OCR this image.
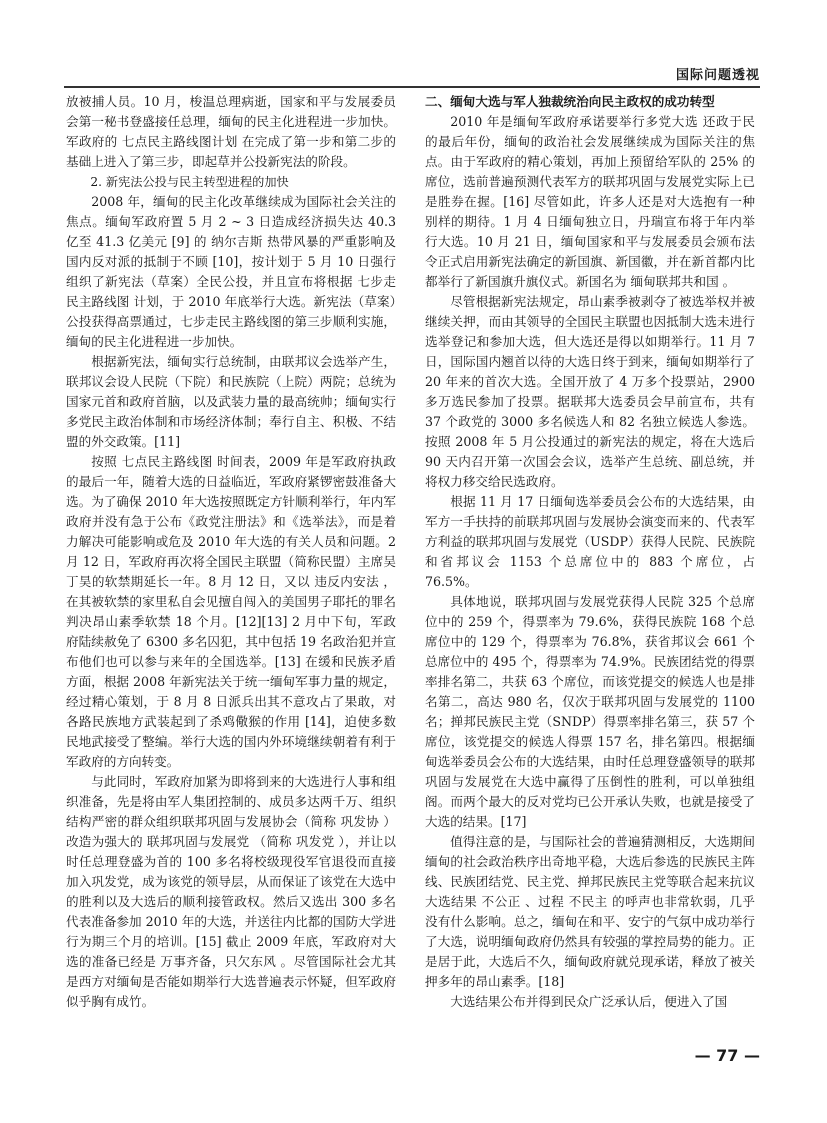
国际问题透视

放被捕人员。10 月，梭温总理病逝，国家和平与发展委员会第一秘书登盛接任总理，缅甸的民主化进程进一步加快。军政府的 七点民主路线图计划 在完成了第一步和第二步的基础上进入了第三步，即起草并公投新宪法的阶段。

2. 新宪法公投与民主转型进程的加快

2008 年，缅甸的民主化改革继续成为国际社会关注的焦点。缅甸军政府置 5 月 2 ~ 3 日造成经济损失达 40.3 亿至 41.3 亿美元 [9] 的 纳尔吉斯 热带风暴的严重影响及国内反对派的抵制于不顾 [10]，按计划于 5 月 10 日强行组织了新宪法（草案）全民公投，并且宣布将根据 七步走民主路线图 计划，于 2010 年底举行大选。新宪法（草案）公投获得高票通过，七步走民主路线图的第三步顺利实施，缅甸的民主化进程进一步加快。

根据新宪法，缅甸实行总统制，由联邦议会选举产生，联邦议会设人民院（下院）和民族院（上院）两院；总统为国家元首和政府首脑，以及武装力量的最高统帅；缅甸实行多党民主政治体制和市场经济体制；奉行自主、积极、不结盟的外交政策。[11]

按照 七点民主路线图 时间表，2009 年是军政府执政的最后一年，随着大选的日益临近，军政府紧锣密鼓准备大选。为了确保 2010 年大选按照既定方针顺利举行，年内军政府并没有急于公布《政党注册法》和《选举法》，而是着力解决可能影响或危及 2010 年大选的有关人员和问题。2 月 12 日，军政府再次将全国民主联盟（简称民盟）主席吴丁昊的软禁期延长一年。8 月 12 日，又以 违反内安法 ，在其被软禁的家里私自会见擅自闯入的美国男子耶托的罪名判决昂山素季软禁 18 个月。[12][13] 2 月中下旬，军政府陆续赦免了 6300 多名囚犯，其中包括 19 名政治犯并宣布他们也可以参与来年的全国选举。[13] 在缓和民族矛盾方面，根据 2008 年新宪法关于统一缅甸军事力量的规定，经过精心策划，于 8 月 8 日派兵出其不意攻占了果敢，对各路民族地方武装起到了杀鸡儆猴的作用 [14]，迫使多数民地武接受了整编。举行大选的国内外环境继续朝着有利于军政府的方向转变。

与此同时，军政府加紧为即将到来的大选进行人事和组织准备，先是将由军人集团控制的、成员多达两千万、组织结构严密的群众组织联邦巩固与发展协会（简称 巩发协 ）改造为强大的 联邦巩固与发展党 （简称 巩发党 ），并让以时任总理登盛为首的 100 多名将校级现役军官退役而直接加入巩发党，成为该党的领导层，从而保证了该党在大选中的胜利以及大选后的顺利接管政权。然后又选出 300 多名代表准备参加 2010 年的大选，并送往内比都的国防大学进行为期三个月的培训。[15] 截止 2009 年底，军政府对大选的准备已经是 万事齐备，只欠东风 。尽管国际社会尤其是西方对缅甸是否能如期举行大选普遍表示怀疑，但军政府似乎胸有成竹。

二、缅甸大选与军人独裁统治向民主政权的成功转型

2010 年是缅甸军政府承诺要举行多党大选 还政于民 的最后年份，缅甸的政治社会发展继续成为国际关注的焦点。由于军政府的精心策划，再加上预留给军队的 25% 的席位，选前普遍预测代表军方的联邦巩固与发展党实际上已是胜券在握。[16] 尽管如此，许多人还是对大选抱有一种别样的期待。1 月 4 日缅甸独立日，丹瑞宣布将于年内举行大选。10 月 21 日，缅甸国家和平与发展委员会颁布法令正式启用新宪法确定的新国旗、新国徽，并在新首都内比都举行了新国旗升旗仪式。新国名为 缅甸联邦共和国 。

尽管根据新宪法规定，昂山素季被剥夺了被选举权并被继续关押，而由其领导的全国民主联盟也因抵制大选未进行选举登记和参加大选，但大选还是得以如期举行。11 月 7 日，国际国内翘首以待的大选日终于到来，缅甸如期举行了 20 年来的首次大选。全国开放了 4 万多个投票站，2900 多万选民参加了投票。据联邦大选委员会早前宣布，共有 37 个政党的 3000 多名候选人和 82 名独立候选人参选。按照 2008 年 5 月公投通过的新宪法的规定，将在大选后 90 天内召开第一次国会会议，选举产生总统、副总统，并将权力移交给民选政府。

根据 11 月 17 日缅甸选举委员会公布的大选结果，由军方一手扶持的前联邦巩固与发展协会演变而来的、代表军方利益的联邦巩固与发展党（USDP）获得人民院、民族院和省邦议会 1153 个总席位中的 883 个席位，占 76.5%。

具体地说，联邦巩固与发展党获得人民院 325 个总席位中的 259 个，得票率为 79.6%，获得民族院 168 个总席位中的 129 个，得票率为 76.8%，获省邦议会 661 个总席位中的 495 个，得票率为 74.9%。民族团结党的得票率排名第二，共获 63 个席位，而该党提交的候选人也是排名第二，高达 980 名，仅次于联邦巩固与发展党的 1100 名；掸邦民族民主党（SNDP）得票率排名第三，获 57 个席位，该党提交的候选人得票 157 名，排名第四。根据缅甸选举委员会公布的大选结果，由时任总理登盛领导的联邦巩固与发展党在大选中赢得了压倒性的胜利，可以单独组阁。而两个最大的反对党均已公开承认失败，也就是接受了大选的结果。[17]

值得注意的是，与国际社会的普遍猜测相反，大选期间缅甸的社会政治秩序出奇地平稳，大选后参选的民族民主阵线、民族团结党、民主党、掸邦民族民主党等联合起来抗议大选结果 不公正 、过程 不民主 的呼声也非常软弱，几乎没有什么影响。总之，缅甸在和平、安宁的气氛中成功举行了大选，说明缅甸政府仍然具有较强的掌控局势的能力。正是居于此，大选后不久，缅甸政府就兑现承诺，释放了被关押多年的昂山素季。[18]

大选结果公布并得到民众广泛承认后，便进入了国

— 77 —
